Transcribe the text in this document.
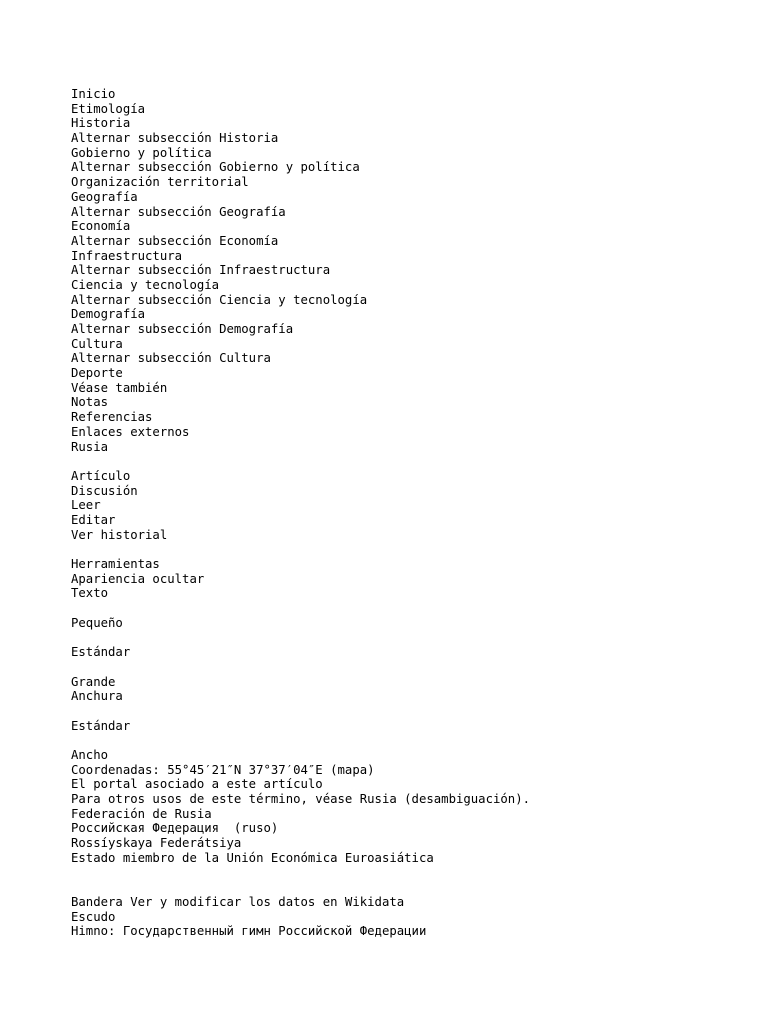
Inicio
Etimología
Historia
Alternar subsección Historia
Gobierno y política
Alternar subsección Gobierno y política
Organización territorial
Geografía
Alternar subsección Geografía
Economía
Alternar subsección Economía
Infraestructura
Alternar subsección Infraestructura
Ciencia y tecnología
Alternar subsección Ciencia y tecnología
Demografía
Alternar subsección Demografía
Cultura
Alternar subsección Cultura
Deporte
Véase también
Notas
Referencias
Enlaces externos
Rusia
Artículo
Discusión
Leer
Editar
Ver historial
Herramientas
Apariencia ocultar
Texto
Pequeño
Estándar
Grande
Anchura
Estándar
Ancho
Coordenadas: 55°45′21″N 37°37′04″E (mapa)
El portal asociado a este artículo
Para otros usos de este término, véase Rusia (desambiguación).
Federación de Rusia
Российская Федерация  (ruso)
Rossíyskaya Federátsiya
Estado miembro de la Unión Económica Euroasiática
Bandera Ver y modificar los datos en Wikidata
Escudo
Himno: Государственный гимн Российской Федерации
